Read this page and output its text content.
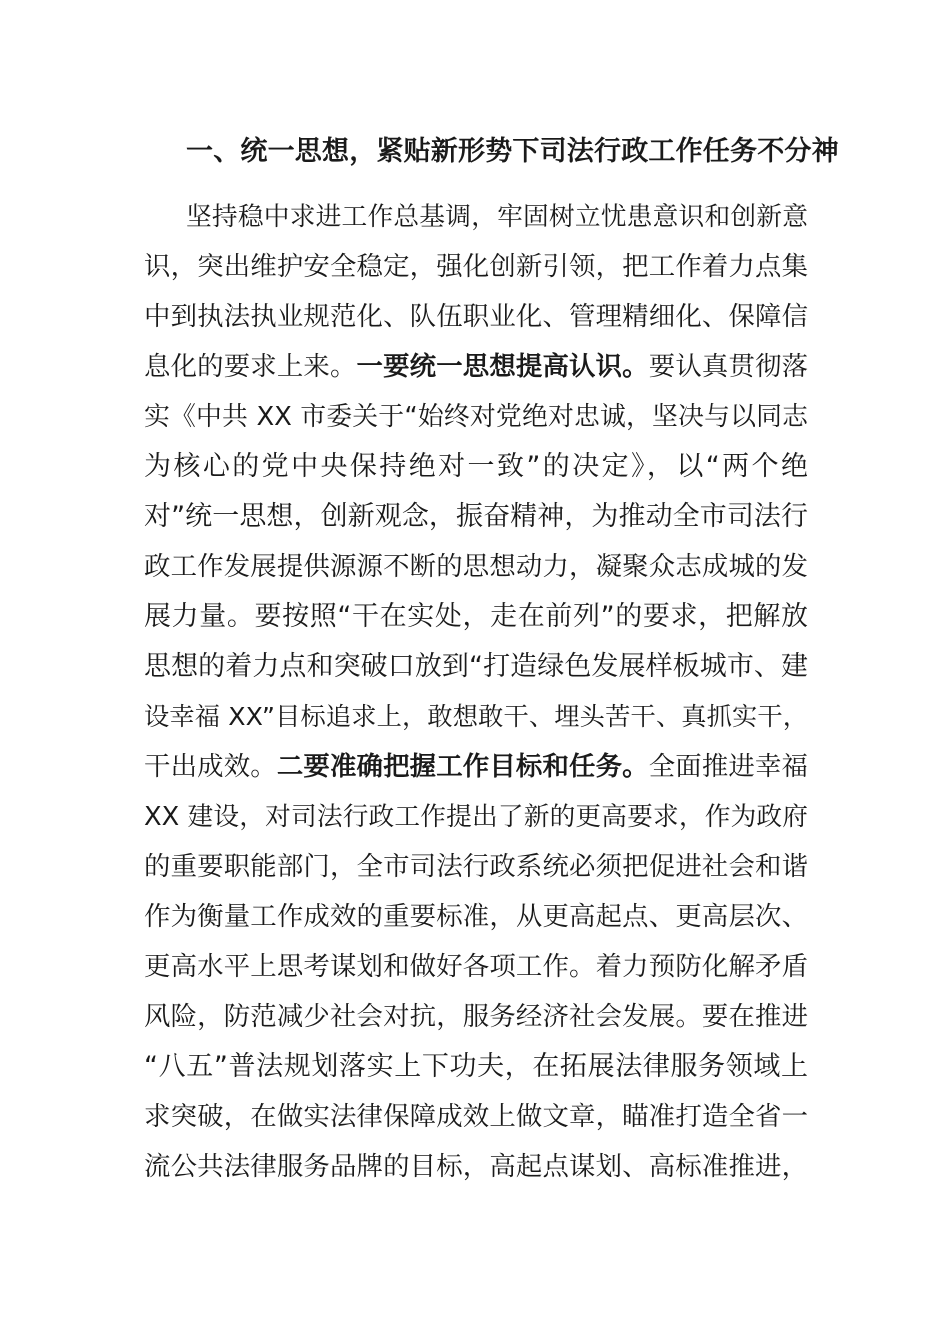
一、统一思想，紧贴新形势下司法行政工作任务不分神
坚持稳中求进工作总基调，牢固树立忧患意识和创新意
识，突出维护安全稳定，强化创新引领，把工作着力点集
中到执法执业规范化、队伍职业化、管理精细化、保障信
息化的要求上来。一要统一思想提高认识。要认真贯彻落
实《中共 XX 市委关于“始终对党绝对忠诚，坚决与以同志
为核心的党中央保持绝对一致”的决定》，以“两个绝
对”统一思想，创新观念，振奋精神，为推动全市司法行
政工作发展提供源源不断的思想动力，凝聚众志成城的发
展力量。要按照“干在实处，走在前列”的要求，把解放
思想的着力点和突破口放到“打造绿色发展样板城市、建
设幸福 XX”目标追求上，敢想敢干、埋头苦干、真抓实干，
干出成效。二要准确把握工作目标和任务。全面推进幸福
XX 建设，对司法行政工作提出了新的更高要求，作为政府
的重要职能部门，全市司法行政系统必须把促进社会和谐
作为衡量工作成效的重要标准，从更高起点、更高层次、
更高水平上思考谋划和做好各项工作。着力预防化解矛盾
风险，防范减少社会对抗，服务经济社会发展。要在推进
“八五”普法规划落实上下功夫，在拓展法律服务领域上
求突破，在做实法律保障成效上做文章，瞄准打造全省一
流公共法律服务品牌的目标，高起点谋划、高标准推进，
